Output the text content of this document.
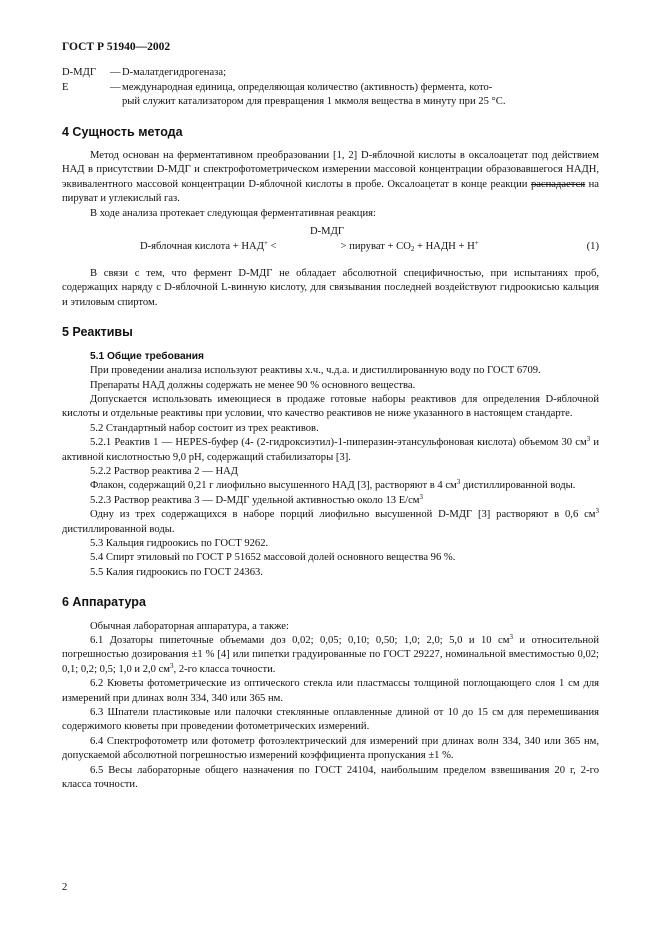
ГОСТ Р 51940—2002
D-МДГ	— D-малатдегидрогеназа;
Е	— международная единица, определяющая количество (активность) фермента, кото-
рый служит катализатором для превращения 1 мкмоля вещества в минуту при 25 °С.
4 Сущность метода

Метод основан на ферментативном преобразовании [1, 2] D-яблочной кислоты в оксалоацетат под действием НАД в присутствии D-МДГ и спектрофотометрическом измерении массовой концентрации образовавшегося НАДН, эквивалентного массовой концентрации D-яблочной кислоты в пробе. Оксалоацетат в конце реакции распадается на пируват и углекислый газ.

В ходе анализа протекает следующая ферментативная реакция:

D-МДГ
D-яблочная кислота + НАД+ <	> пируват + $СО_2$ + НАДН + Н+	(1)

В связи с тем, что фермент D-МДГ не обладает абсолютной специфичностью, при испытаниях проб, содержащих наряду с D-яблочной L-винную кислоту, для связывания последней воздействуют гидроокисью кальция и этиловым спиртом.

5 Реактивы
5.1 Общие требования

При проведении анализа используют реактивы х.ч., ч.д.а. и дистиллированную воду по ГОСТ 6709.

Препараты НАД должны содержать не менее 90 % основного вещества.

Допускается использовать имеющиеся в продаже готовые наборы реактивов для определения D-яблочной кислоты и отдельные реактивы при условии, что качество реактивов не ниже указанного в настоящем стандарте.

5.2 Стандартный набор состоит из трех реактивов.

5.2.1 Реактив 1 — HEPES-буфер (4- (2-гидроксиэтил)-1-пиперазин-этансульфоновая кислота) объемом 30 $см^3$ и активной кислотностью 9,0 рН, содержащий стабилизаторы [3].

5.2.2 Раствор реактива 2 — НАД

Флакон, содержащий 0,21 г лиофильно высушенного НАД [3], растворяют в 4 $см^3$ дистиллированной воды.

5.2.3 Раствор реактива 3 — D-МДГ удельной активностью около 13 $Е/см^3$

Одну из трех содержащихся в наборе порций лиофильно высушенной D-МДГ [3] растворяют в 0,6 $см^3$ дистиллированной воды.

5.3 Кальция гидроокись по ГОСТ 9262.

5.4 Спирт этиловый по ГОСТ Р 51652 массовой долей основного вещества 96 %.

5.5 Калия гидроокись по ГОСТ 24363.

6 Аппаратура

Обычная лабораторная аппаратура, а также:

6.1 Дозаторы пипеточные объемами доз 0,02; 0,05; 0,10; 0,50; 1,0; 2,0; 5,0 и 10 $см^3$ и относительной погрешностью дозирования ±1 % [4] или пипетки градуированные по ГОСТ 29227, номинальной вместимостью 0,02; 0,1; 0,2; 0,5; 1,0 и 2,0 $см^3$, 2-го класса точности.

6.2 Кюветы фотометрические из оптического стекла или пластмассы толщиной поглощающего слоя 1 см для измерений при длинах волн 334, 340 или 365 нм.

6.3 Шпатели пластиковые или палочки стеклянные оплавленные длиной от 10 до 15 см для перемешивания содержимого кюветы при проведении фотометрических измерений.

6.4 Спектрофотометр или фотометр фотоэлектрический для измерений при длинах волн 334, 340 или 365 нм, допускаемой абсолютной погрешностью измерений коэффициента пропускания ±1 %.

6.5 Весы лабораторные общего назначения по ГОСТ 24104, наибольшим пределом взвешивания 20 г, 2-го класса точности.

2
